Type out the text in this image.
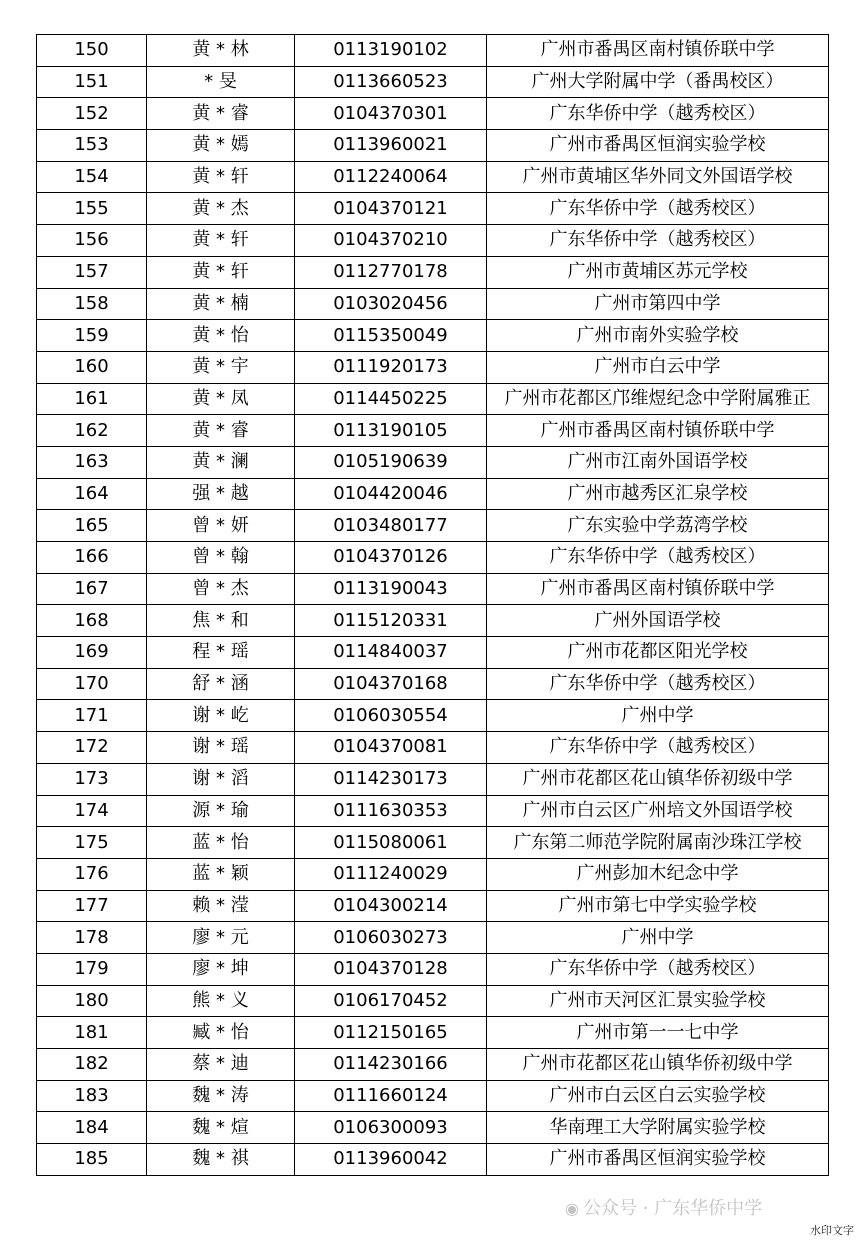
150	黄 * 林	0113190102	广州市番禺区南村镇侨联中学
151	* 旻	0113660523	广州大学附属中学（番禺校区）
152	黄 * 睿	0104370301	广东华侨中学（越秀校区）
153	黄 * 嫣	0113960021	广州市番禺区恒润实验学校
154	黄 * 轩	0112240064	广州市黄埔区华外同文外国语学校
155	黄 * 杰	0104370121	广东华侨中学（越秀校区）
156	黄 * 轩	0104370210	广东华侨中学（越秀校区）
157	黄 * 轩	0112770178	广州市黄埔区苏元学校
158	黄 * 楠	0103020456	广州市第四中学
159	黄 * 怡	0115350049	广州市南外实验学校
160	黄 * 宇	0111920173	广州市白云中学
161	黄 * 凤	0114450225	广州市花都区邝维煜纪念中学附属雅正
162	黄 * 睿	0113190105	广州市番禺区南村镇侨联中学
163	黄 * 澜	0105190639	广州市江南外国语学校
164	强 * 越	0104420046	广州市越秀区汇泉学校
165	曾 * 妍	0103480177	广东实验中学荔湾学校
166	曾 * 翰	0104370126	广东华侨中学（越秀校区）
167	曾 * 杰	0113190043	广州市番禺区南村镇侨联中学
168	焦 * 和	0115120331	广州外国语学校
169	程 * 瑶	0114840037	广州市花都区阳光学校
170	舒 * 涵	0104370168	广东华侨中学（越秀校区）
171	谢 * 屹	0106030554	广州中学
172	谢 * 瑶	0104370081	广东华侨中学（越秀校区）
173	谢 * 滔	0114230173	广州市花都区花山镇华侨初级中学
174	源 * 瑜	0111630353	广州市白云区广州培文外国语学校
175	蓝 * 怡	0115080061	广东第二师范学院附属南沙珠江学校
176	蓝 * 颖	0111240029	广州彭加木纪念中学
177	赖 * 滢	0104300214	广州市第七中学实验学校
178	廖 * 元	0106030273	广州中学
179	廖 * 坤	0104370128	广东华侨中学（越秀校区）
180	熊 * 义	0106170452	广州市天河区汇景实验学校
181	臧 * 怡	0112150165	广州市第一一七中学
182	蔡 * 迪	0114230166	广州市花都区花山镇华侨初级中学
183	魏 * 涛	0111660124	广州市白云区白云实验学校
184	魏 * 煊	0106300093	华南理工大学附属实验学校
185	魏 * 祺	0113960042	广州市番禺区恒润实验学校
◉ 公众号 · 广东华侨中学
水印文字
